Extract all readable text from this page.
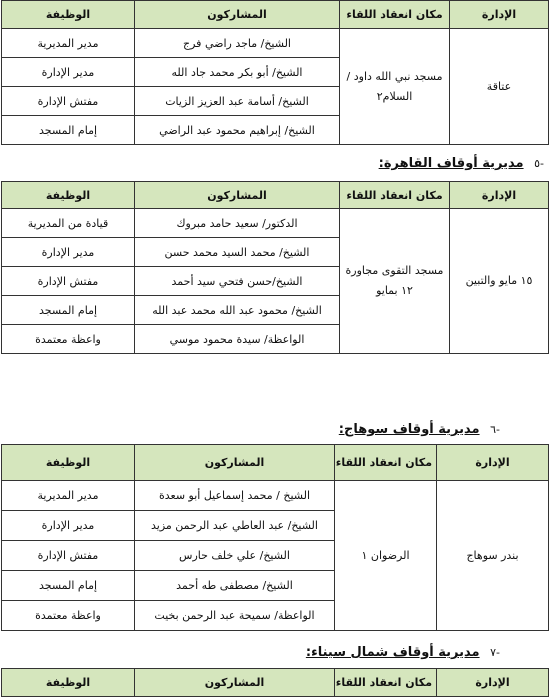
الإدارة	مكان انعقاد اللقاء	المشاركون	الوظيفة
عتاقة	مسجد نبي الله داود / السلام٢	الشيخ/ ماجد راضي فرج	مدير المديرية
		الشيخ/ أبو بكر محمد جاد الله	مدير الإدارة
		الشيخ/ أسامة عبد العزيز الزيات	مفتش الإدارة
		الشيخ/ إبراهيم محمود عبد الراضي	إمام المسجد
-٥ مديرية أوقاف القاهرة:
الإدارة	مكان انعقاد اللقاء	المشاركون	الوظيفة
١٥ مايو والتبين	مسجد التقوى مجاورة ١٢ بمايو	الدكتور/ سعيد حامد مبروك	قيادة من المديرية
		الشيخ/ محمد السيد محمد حسن	مدير الإدارة
		الشيخ/حسن فتحي سيد أحمد	مفتش الإدارة
		الشيخ/ محمود عبد الله محمد عبد الله	إمام المسجد
		الواعظة/ سيدة محمود موسي	واعظة معتمدة
-٦ مديرية أوقاف سوهاج:
الإدارة	مكان انعقاد اللقاء	المشاركون	الوظيفة
بندر سوهاج	الرضوان ١	الشيخ / محمد إسماعيل أبو سعدة	مدير المديرية
		الشيخ/ عبد العاطي عبد الرحمن مزيد	مدير الإدارة
		الشيخ/ علي خلف حارس	مفتش الإدارة
		الشيخ/ مصطفى طه أحمد	إمام المسجد
		الواعظة/ سميحة عبد الرحمن بخيت	واعظة معتمدة
-٧ مديرية أوقاف شمال سيناء:
الإدارة	مكان انعقاد اللقاء	المشاركون	الوظيفة
